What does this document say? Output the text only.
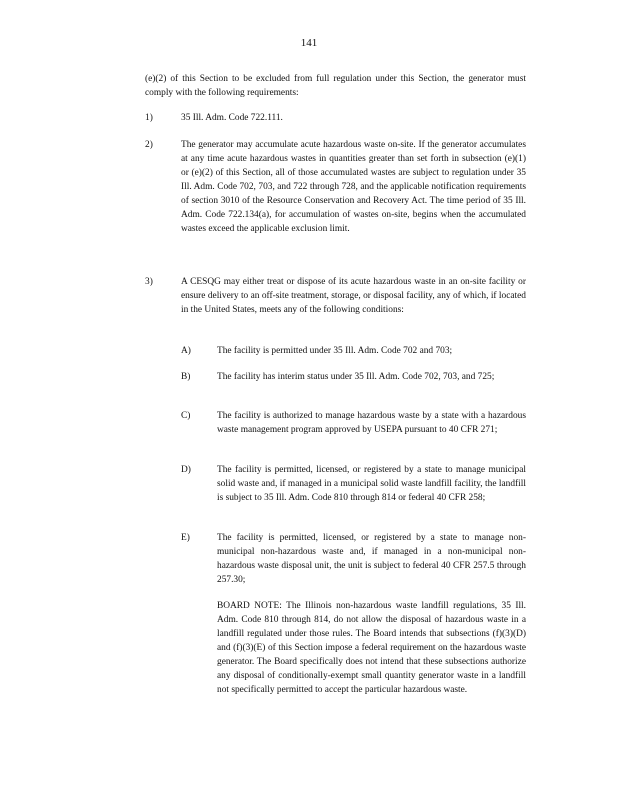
141
(e)(2) of this Section to be excluded from full regulation under this Section, the generator must comply with the following requirements:
1)	35 Ill. Adm. Code 722.111.
2)	The generator may accumulate acute hazardous waste on-site. If the generator accumulates at any time acute hazardous wastes in quantities greater than set forth in subsection (e)(1) or (e)(2) of this Section, all of those accumulated wastes are subject to regulation under 35 Ill. Adm. Code 702, 703, and 722 through 728, and the applicable notification requirements of section 3010 of the Resource Conservation and Recovery Act. The time period of 35 Ill. Adm. Code 722.134(a), for accumulation of wastes on-site, begins when the accumulated wastes exceed the applicable exclusion limit.
3)	A CESQG may either treat or dispose of its acute hazardous waste in an on-site facility or ensure delivery to an off-site treatment, storage, or disposal facility, any of which, if located in the United States, meets any of the following conditions:
A)	The facility is permitted under 35 Ill. Adm. Code 702 and 703;
B)	The facility has interim status under 35 Ill. Adm. Code 702, 703, and 725;
C)	The facility is authorized to manage hazardous waste by a state with a hazardous waste management program approved by USEPA pursuant to 40 CFR 271;
D)	The facility is permitted, licensed, or registered by a state to manage municipal solid waste and, if managed in a municipal solid waste landfill facility, the landfill is subject to 35 Ill. Adm. Code 810 through 814 or federal 40 CFR 258;
E)	The facility is permitted, licensed, or registered by a state to manage non-municipal non-hazardous waste and, if managed in a non-municipal non-hazardous waste disposal unit, the unit is subject to federal 40 CFR 257.5 through 257.30;
BOARD NOTE: The Illinois non-hazardous waste landfill regulations, 35 Ill. Adm. Code 810 through 814, do not allow the disposal of hazardous waste in a landfill regulated under those rules. The Board intends that subsections (f)(3)(D) and (f)(3)(E) of this Section impose a federal requirement on the hazardous waste generator. The Board specifically does not intend that these subsections authorize any disposal of conditionally-exempt small quantity generator waste in a landfill not specifically permitted to accept the particular hazardous waste.
